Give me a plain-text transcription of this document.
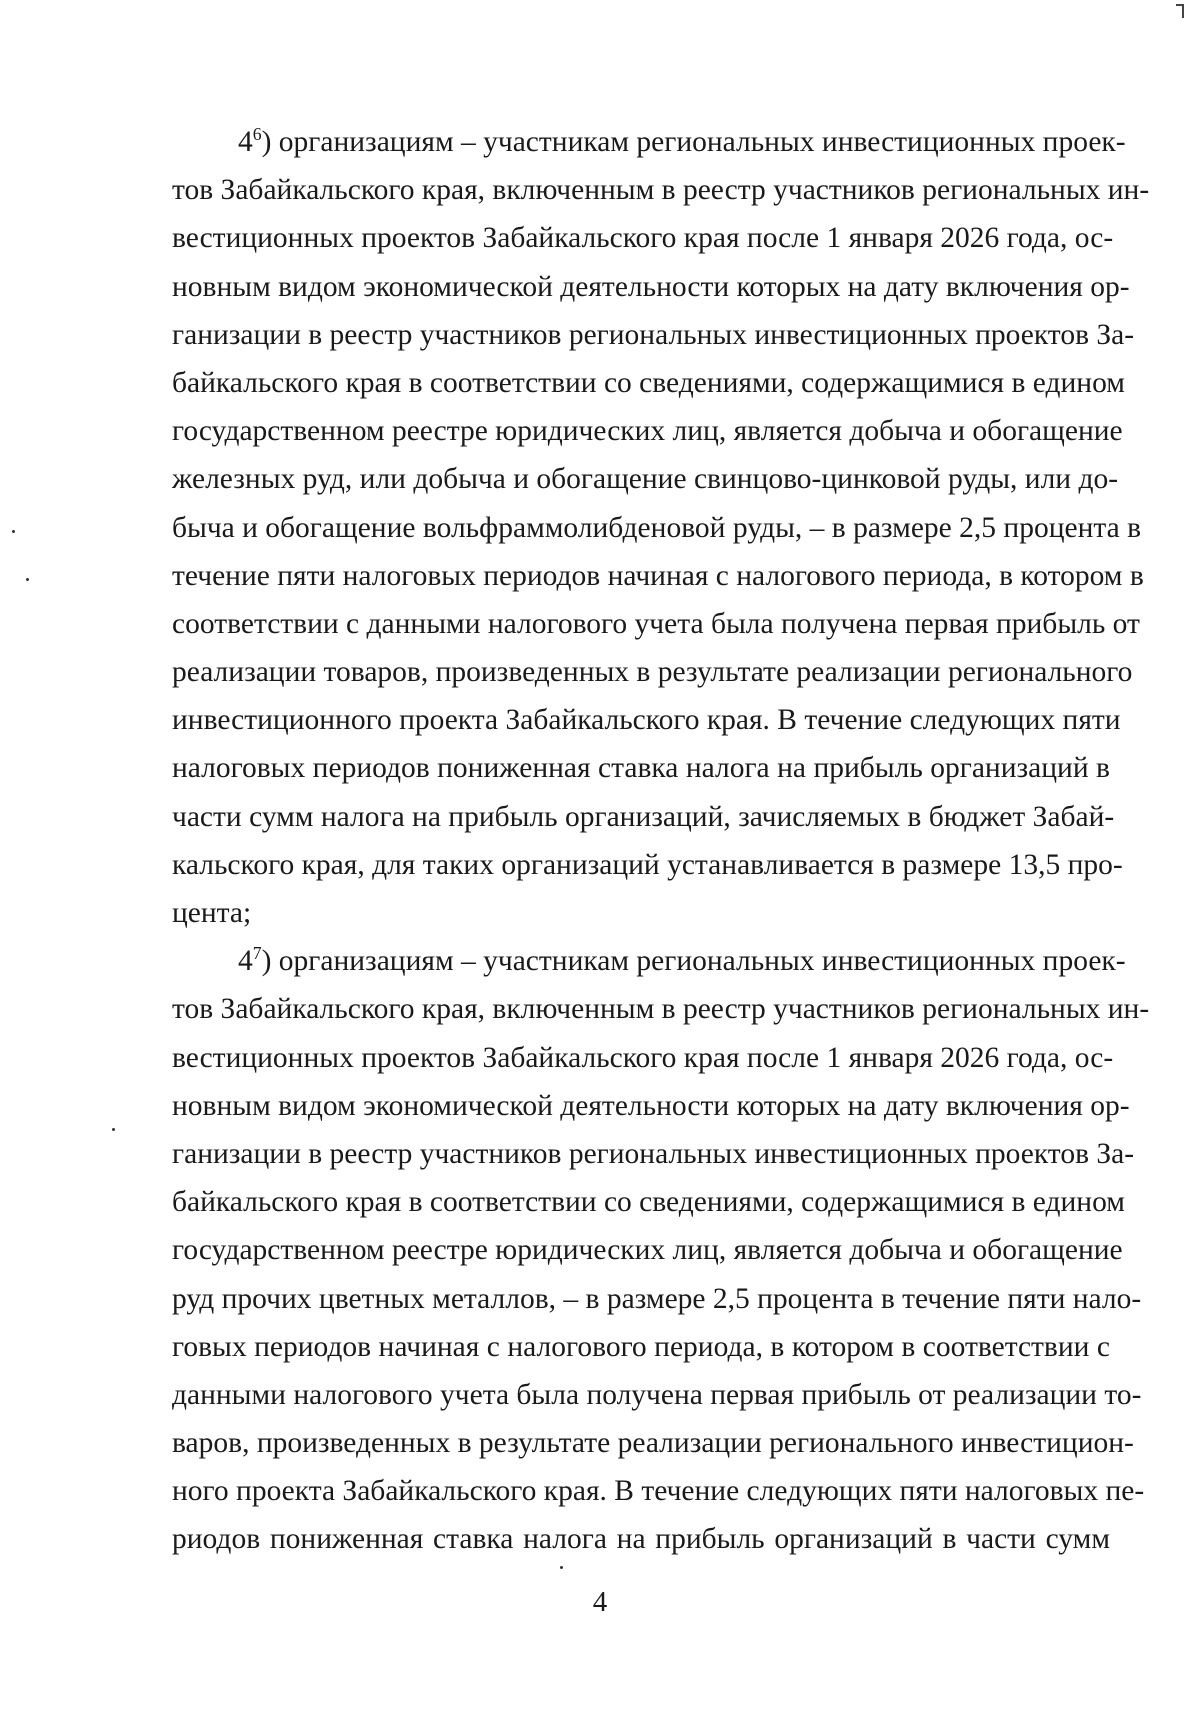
$4^6$) организациям – участникам региональных инвестиционных проек-
тов Забайкальского края, включенным в реестр участников региональных ин-
вестиционных проектов Забайкальского края после 1 января 2026 года, ос-
новным видом экономической деятельности которых на дату включения ор-
ганизации в реестр участников региональных инвестиционных проектов За-
байкальского края в соответствии со сведениями, содержащимися в едином
государственном реестре юридических лиц, является добыча и обогащение
железных руд, или добыча и обогащение свинцово-цинковой руды, или до-
быча и обогащение вольфраммолибденовой руды, – в размере 2,5 процента в
течение пяти налоговых периодов начиная с налогового периода, в котором в
соответствии с данными налогового учета была получена первая прибыль от
реализации товаров, произведенных в результате реализации регионального
инвестиционного проекта Забайкальского края. В течение следующих пяти
налоговых периодов пониженная ставка налога на прибыль организаций в
части сумм налога на прибыль организаций, зачисляемых в бюджет Забай-
кальского края, для таких организаций устанавливается в размере 13,5 про-
цента;
$4^7$) организациям – участникам региональных инвестиционных проек-
тов Забайкальского края, включенным в реестр участников региональных ин-
вестиционных проектов Забайкальского края после 1 января 2026 года, ос-
новным видом экономической деятельности которых на дату включения ор-
ганизации в реестр участников региональных инвестиционных проектов За-
байкальского края в соответствии со сведениями, содержащимися в едином
государственном реестре юридических лиц, является добыча и обогащение
руд прочих цветных металлов, – в размере 2,5 процента в течение пяти нало-
говых периодов начиная с налогового периода, в котором в соответствии с
данными налогового учета была получена первая прибыль от реализации то-
варов, произведенных в результате реализации регионального инвестицион-
ного проекта Забайкальского края. В течение следующих пяти налоговых пе-
риодов пониженная ставка налога на прибыль организаций в части сумм
4
